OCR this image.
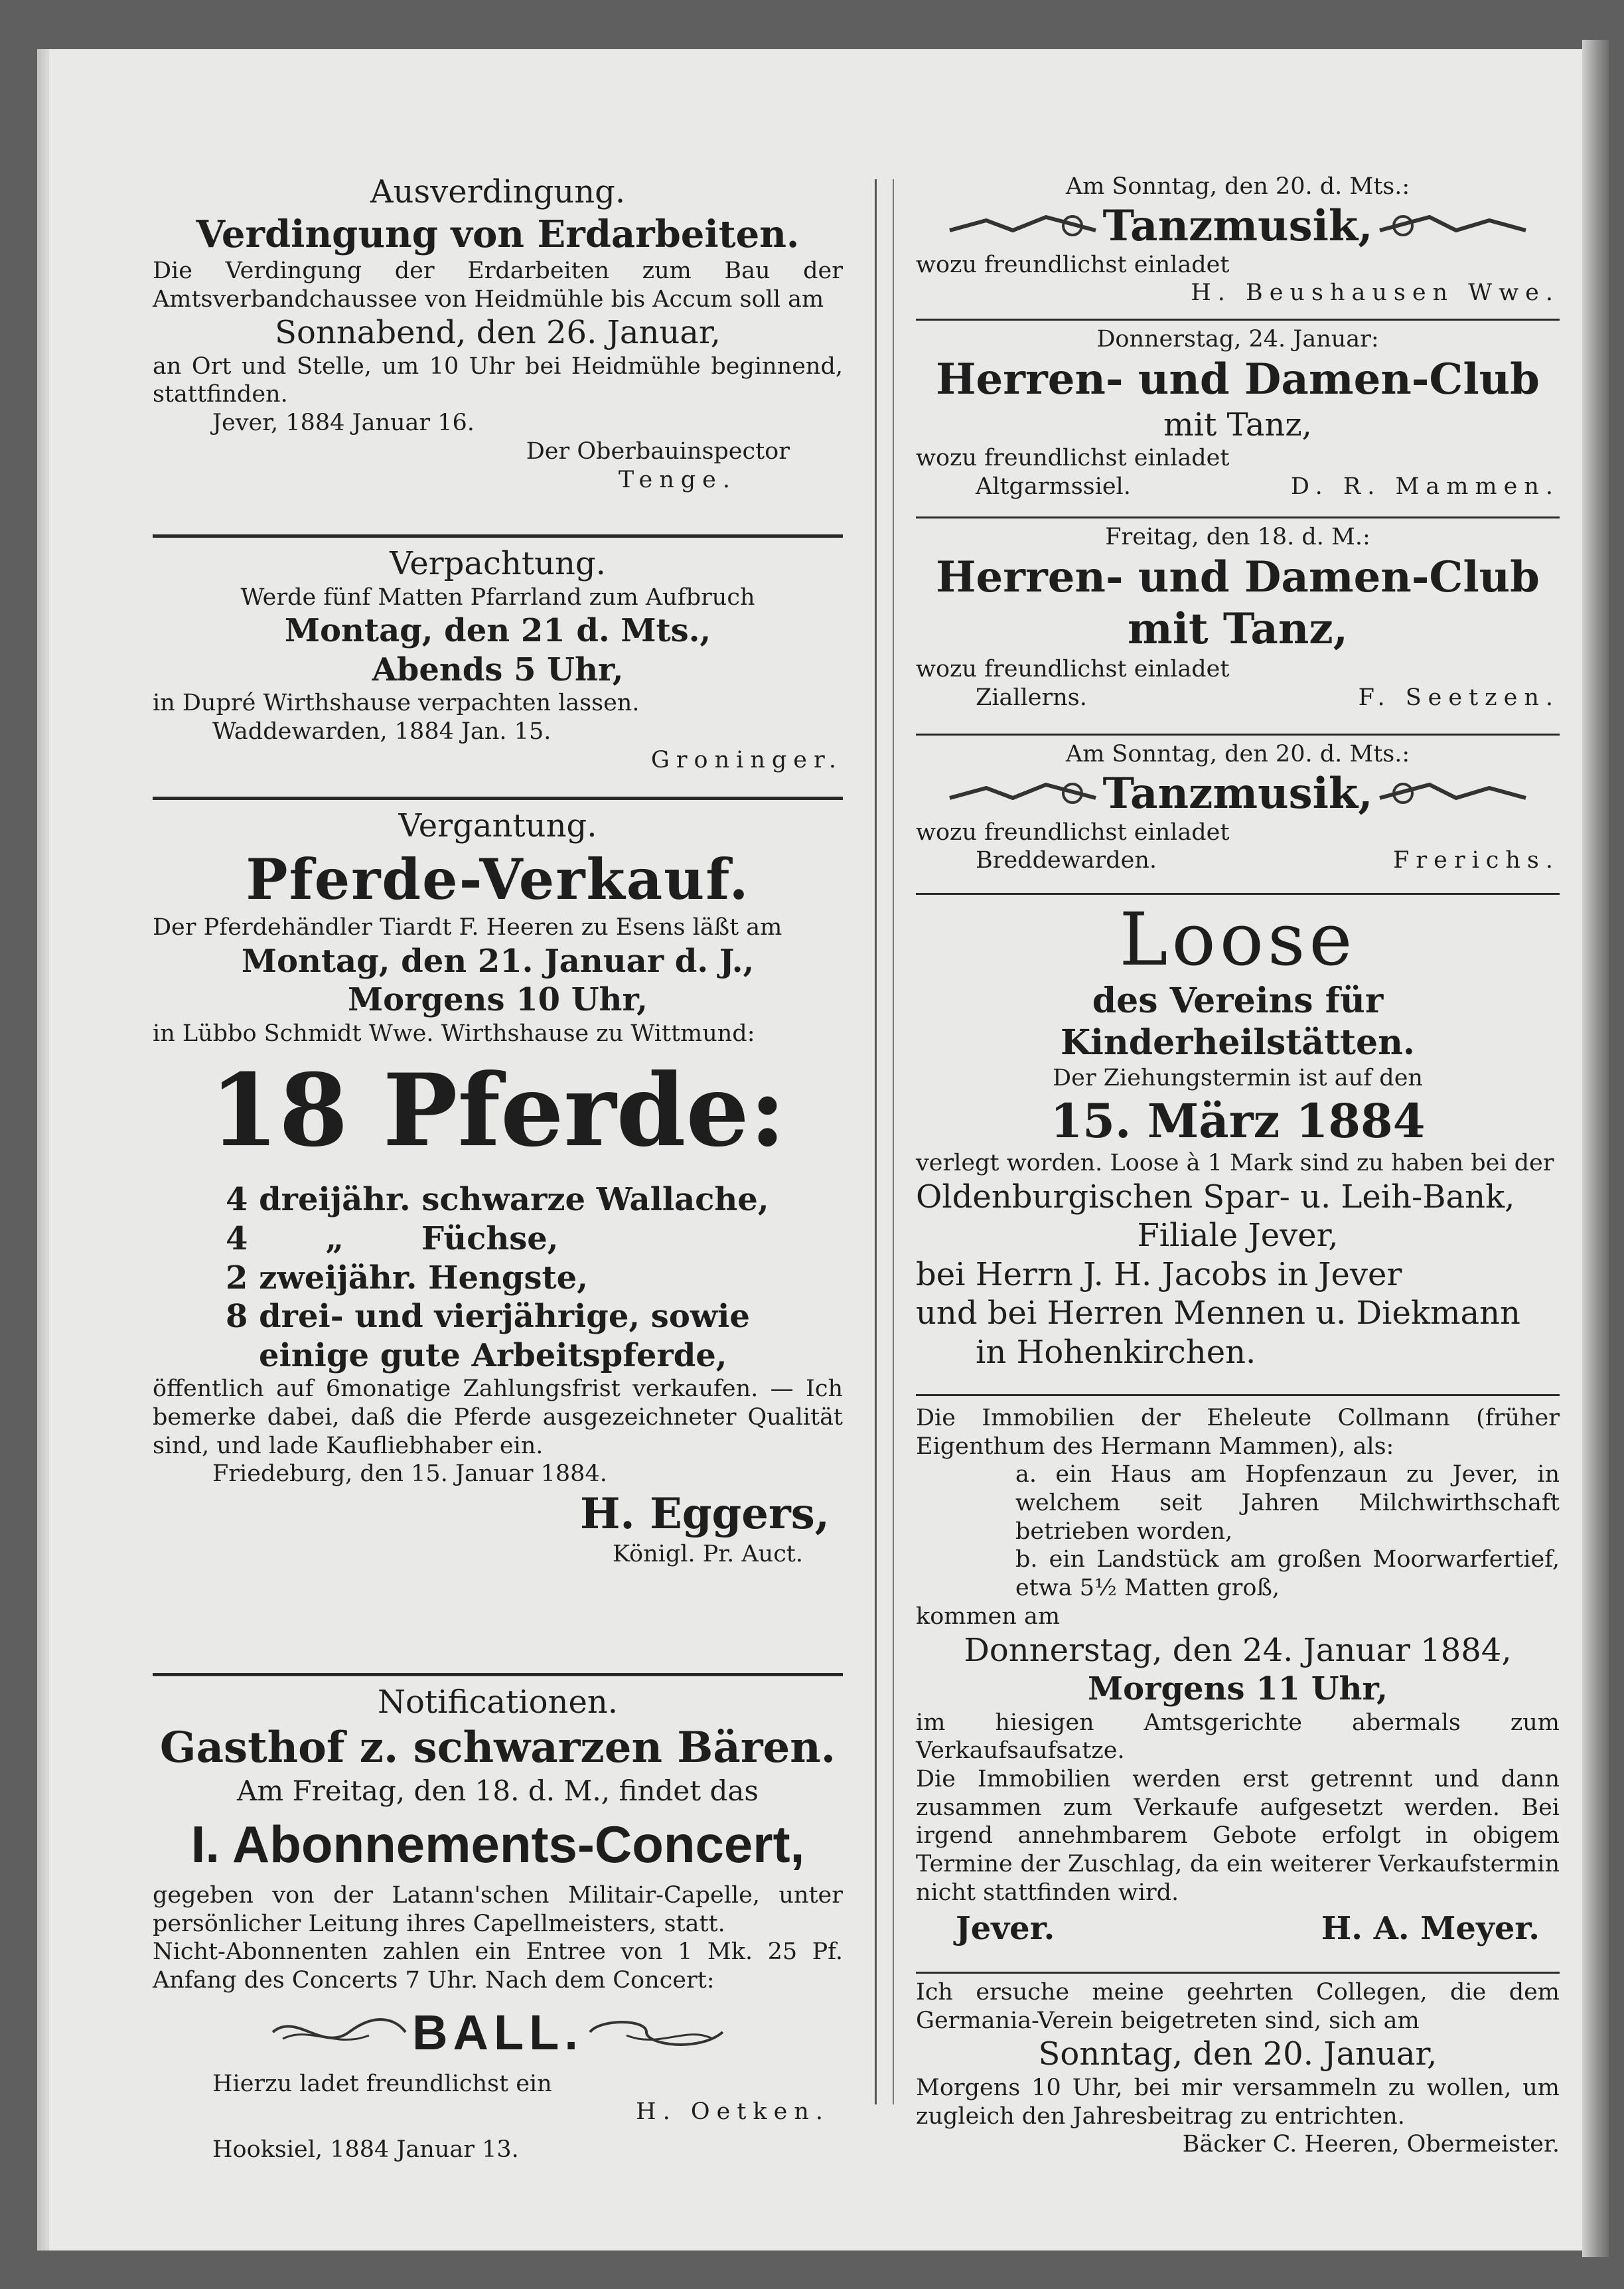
Ausverdingung.

Verdingung von Erdarbeiten.

Die Verdingung der Erdarbeiten zum Bau der Amtsverbandchaussee von Heidmühle bis Accum soll am

Sonnabend, den 26. Januar,

an Ort und Stelle, um 10 Uhr bei Heidmühle beginnend, stattfinden.

Jever, 1884 Januar 16.

Der Oberbauinspector

Tenge.

Verpachtung.

Werde fünf Matten Pfarrland zum Aufbruch

Montag, den 21 d. Mts.,

Abends 5 Uhr,

in Dupré Wirthshause verpachten lassen.

Waddewarden, 1884 Jan. 15.

Groninger.

Vergantung.

Pferde-Verkauf.

Der Pferdehändler Tiardt F. Heeren zu Esens läßt am

Montag, den 21. Januar d. J.,

Morgens 10 Uhr,

in Lübbo Schmidt Wwe. Wirthshause zu Wittmund:

18 Pferde:

4 dreijähr. schwarze Wallache,

4       „       Füchse,

2 zweijähr. Hengste,

8 drei- und vierjährige, sowie

einige gute Arbeitspferde,

öffentlich auf 6monatige Zahlungsfrist verkaufen. — Ich bemerke dabei, daß die Pferde ausgezeichneter Qualität sind, und lade Kaufliebhaber ein.

Friedeburg, den 15. Januar 1884.

H. Eggers,

Königl. Pr. Auct.

Notificationen.

Gasthof z. schwarzen Bären.

Am Freitag, den 18. d. M., findet das

I. Abonnements-Concert,

gegeben von der Latann'schen Militair-Capelle, unter persönlicher Leitung ihres Capellmeisters, statt.

Nicht-Abonnenten zahlen ein Entree von 1 Mk. 25 Pf. Anfang des Concerts 7 Uhr. Nach dem Concert:

BALL.

Hierzu ladet freundlichst ein

H. Oetken.

Hooksiel, 1884 Januar 13.

Am Sonntag, den 20. d. Mts.:

Tanzmusik,

wozu freundlichst einladet

H. Beushausen Wwe.

Donnerstag, 24. Januar:

Herren- und Damen-Club

mit Tanz,

wozu freundlichst einladet

Altgarmssiel.	D. R. Mammen.

Freitag, den 18. d. M.:

Herren- und Damen-Club

mit Tanz,

wozu freundlichst einladet

Ziallerns.	F. Seetzen.

Am Sonntag, den 20. d. Mts.:

Tanzmusik,

wozu freundlichst einladet

Breddewarden.	Frerichs.

Loose

des Vereins für Kinderheilstätten.

Der Ziehungstermin ist auf den

15. März 1884

verlegt worden. Loose à 1 Mark sind zu haben bei der

Oldenburgischen Spar- u. Leih-Bank,

Filiale Jever,

bei Herrn J. H. Jacobs in Jever

und bei Herren Mennen u. Diekmann

in Hohenkirchen.

Die Immobilien der Eheleute Collmann (früher Eigenthum des Hermann Mammen), als:

a. ein Haus am Hopfenzaun zu Jever, in welchem seit Jahren Milchwirthschaft betrieben worden,

b. ein Landstück am großen Moorwarfertief, etwa 5½ Matten groß,

kommen am

Donnerstag, den 24. Januar 1884,

Morgens 11 Uhr,

im hiesigen Amtsgerichte abermals zum Verkaufsaufsatze.

Die Immobilien werden erst getrennt und dann zusammen zum Verkaufe aufgesetzt werden. Bei irgend annehmbarem Gebote erfolgt in obigem Termine der Zuschlag, da ein weiterer Verkaufstermin nicht stattfinden wird.

Jever.	H. A. Meyer.

Ich ersuche meine geehrten Collegen, die dem Germania-Verein beigetreten sind, sich am

Sonntag, den 20. Januar,

Morgens 10 Uhr, bei mir versammeln zu wollen, um zugleich den Jahresbeitrag zu entrichten.

Bäcker C. Heeren, Obermeister.
